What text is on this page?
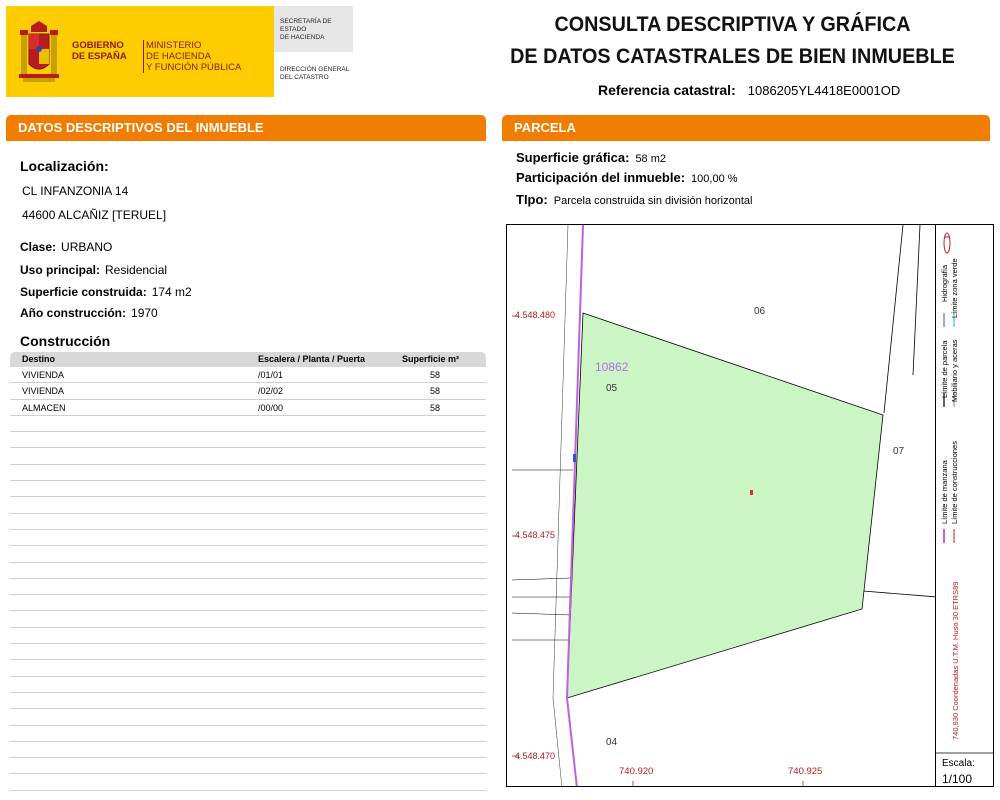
GOBIERNO
DE ESPAÑA
MINISTERIO
DE HACIENDA
Y FUNCIÓN PÚBLICA
SECRETARÍA DE ESTADO
DE HACIENDA
DIRECCIÓN GENERAL
DEL CATASTRO
CONSULTA DESCRIPTIVA Y GRÁFICA
DE DATOS CATASTRALES DE BIEN INMUEBLE
Referencia catastral: 1086205YL4418E0001OD
DATOS DESCRIPTIVOS DEL INMUEBLE	PARCELA
Localización:
CL INFANZONIA 14
44600 ALCAÑIZ [TERUEL]
Clase: URBANO
Uso principal: Residencial
Superficie construida: 174 m2
Año construcción: 1970
Construcción
Destino	Escalera / Planta / Puerta	Superficie m²
VIVIENDA	/01/01	58
VIVIENDA	/02/02	58
ALMACEN	/00/00	58
Superficie gráfica: 58 m2
Participación del inmueble: 100,00 %
TIpo: Parcela construida sin división horizontal
4.548.480
4.548.475
4.548.470
740.920	740.925
10862
05
06
07
04
Hidrografía Límite zona verde
Límite de parcela Mobiliario y aceras
Límite de manzana Límite de construcciones
740,930 Coordenadas U.T.M. Huso 30 ETRS89
Escala:
1/100
